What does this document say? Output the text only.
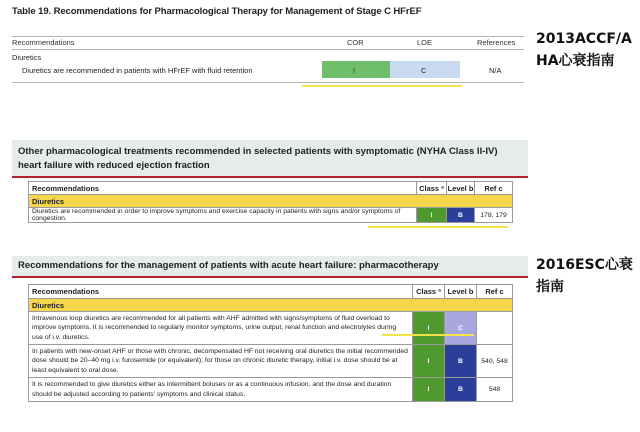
Table 19. Recommendations for Pharmacological Therapy for Management of Stage C HFrEF
Recommendations	COR	LOE	References
Diuretics
Diuretics are recommended in patients with HFrEF with fluid retention	I	C	N/A
2013ACCF/A
HA心衰指南
Other pharmacological treatments recommended in selected patients with symptomatic (NYHA Class II-IV) heart failure with reduced ejection fraction
Recommendations	Class ª	Level b	Ref c
Diuretics			
Diuretics are recommended in order to improve symptoms and exercise capacity in patients with signs and/or symptoms of congestion.	I	B	178, 179
Recommendations for the management of patients with acute heart failure: pharmacotherapy
Recommendations	Class ª	Level b	Ref c
Diuretics			
Intravenous loop diuretics are recommended for all patients with AHF admitted with signs/symptoms of fluid overload to improve symptoms. It is recommended to regularly monitor symptoms, urine output, renal function and electrolytes during use of i.v. diuretics.	I	C	
In patients with new-onset AHF or those with chronic, decompensated HF not receiving oral diuretics the initial recommended dose should be 20–40 mg i.v. furosemide (or equivalent); for those on chronic diuretic therapy, initial i.v. dose should be at least equivalent to oral dose.	I	B	540, 548
It is recommended to give diuretics either as intermittent boluses or as a continuous infusion, and the dose and duration should be adjusted according to patients' symptoms and clinical status.	I	B	548
2016ESC心衰
指南
